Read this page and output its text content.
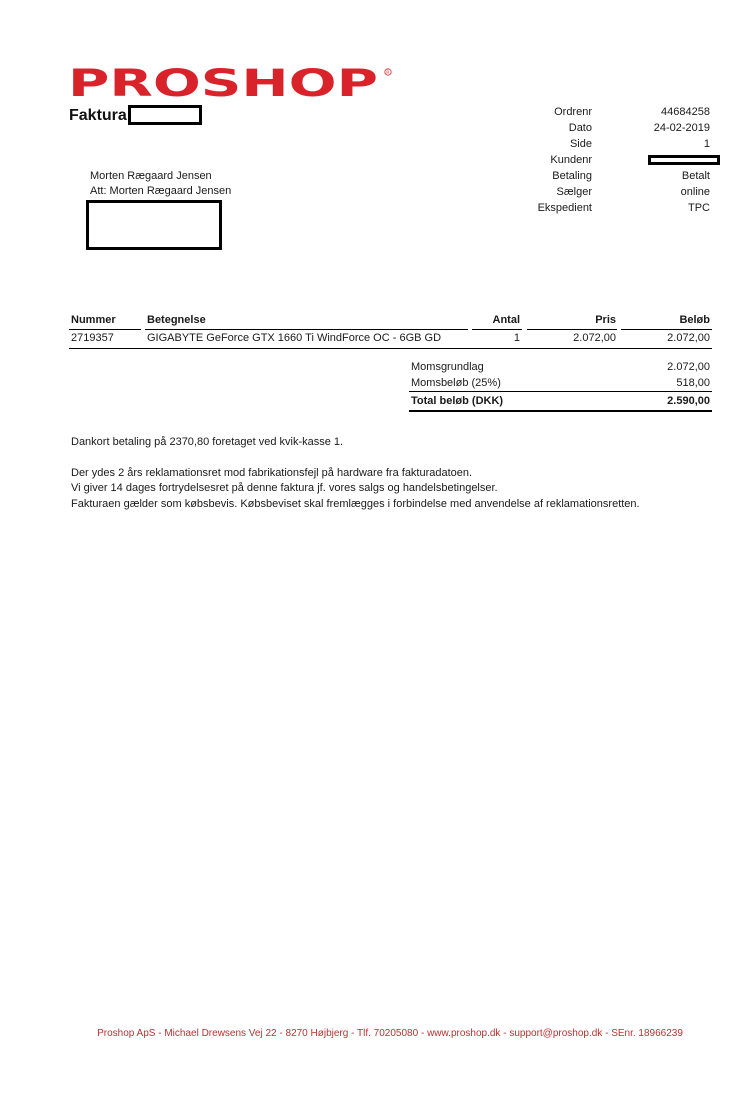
PROSHOP R
Faktura	Ordrenr	44684258
Dato	24-02-2019
Side	1
Kundenr
Betaling	Betalt
Sælger	online
Ekspedient	TPC
Morten Rægaard Jensen
Att: Morten Rægaard Jensen
Nummer	Betegnelse	Antal	Pris	Beløb
2719357	GIGABYTE GeForce GTX 1660 Ti WindForce OC - 6GB GD	1	2.072,00	2.072,00
Momsgrundlag	2.072,00
Momsbeløb (25%)	518,00
Total beløb (DKK)	2.590,00

Dankort betaling på 2370,80 foretaget ved kvik-kasse 1.

Der ydes 2 års reklamationsret mod fabrikationsfejl på hardware fra fakturadatoen.

Vi giver 14 dages fortrydelsesret på denne faktura jf. vores salgs og handelsbetingelser.

Fakturaen gælder som købsbevis. Købsbeviset skal fremlægges i forbindelse med anvendelse af reklamationsretten.

Proshop ApS - Michael Drewsens Vej 22 - 8270 Højbjerg - Tlf. 70205080 - www.proshop.dk - support@proshop.dk - SEnr. 18966239
